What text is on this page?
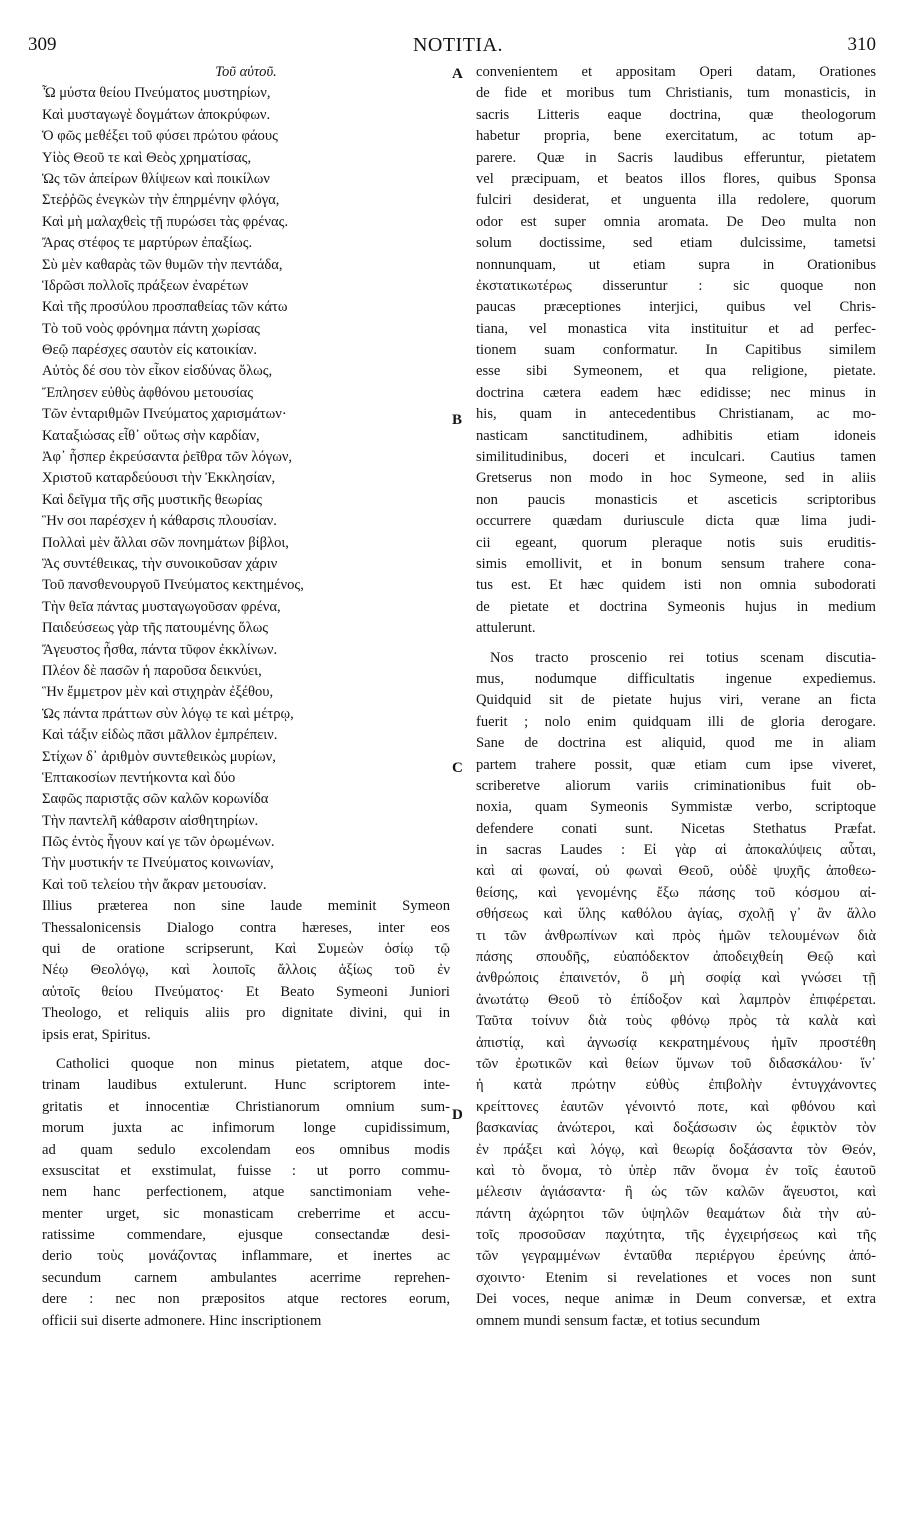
309	NOTITIA.	310
A
B
C
D
Τοῦ αὐτοῦ.
Ὦ μύστα θείου Πνεύματος μυστηρίων,
Καὶ μυσταγωγὲ δογμάτων ἀποκρύφων.
Ὁ φῶς μεθέξει τοῦ φύσει πρώτου φάους
Υἱὸς Θεοῦ τε καὶ Θεὸς χρηματίσας,
Ὡς τῶν ἀπείρων θλίψεων καὶ ποικίλων
Στεῤῥῶς ἐνεγκὼν τὴν ἐπηρμένην φλόγα,
Καὶ μὴ μαλαχθεὶς τῇ πυρώσει τὰς φρένας.
Ἄρας στέφος τε μαρτύρων ἐπαξίως.
Σὺ μὲν καθαρὰς τῶν θυμῶν τὴν πεντάδα,
Ἱδρῶσι πολλοῖς πράξεων ἐναρέτων
Καὶ τῆς προσύλου προσπαθείας τῶν κάτω
Τὸ τοῦ νοὸς φρόνημα πάντη χωρίσας
Θεῷ παρέσχες σαυτὸν εἰς κατοικίαν.
Αὐτὸς δέ σου τὸν εἶκον εἰσδύνας ὅλως,
Ἔπλησεν εὐθὺς ἀφθόνου μετουσίας
Τῶν ἐνταριθμῶν Πνεύματος χαρισμάτων·
Καταξιώσας εἶθ᾽ οὕτως σὴν καρδίαν,
Ἀφ᾽ ἧσπερ ἐκρεύσαντα ῥεῖθρα τῶν λόγων,
Χριστοῦ καταρδεύουσι τὴν Ἐκκλησίαν,
Καὶ δεῖγμα τῆς σῆς μυστικῆς θεωρίας
Ἣν σοι παρέσχεν ἡ κάθαρσις πλουσίαν.
Πολλαὶ μὲν ἄλλαι σῶν πονημάτων βίβλοι,
Ἃς συντέθεικας, τὴν συνοικοῦσαν χάριν
Τοῦ πανσθενουργοῦ Πνεύματος κεκτημένος,
Τὴν θεῖα πάντας μυσταγωγοῦσαν φρένα,
Παιδεύσεως γὰρ τῆς πατουμένης ὅλως
Ἄγευστος ἦσθα, πάντα τῦφον ἐκκλίνων.
Πλέον δὲ πασῶν ἡ παροῦσα δεικνύει,
Ἣν ἔμμετρον μὲν καὶ στιχηρὰν ἐξέθου,
Ὡς πάντα πράττων σὺν λόγῳ τε καὶ μέτρῳ,
Καὶ τάξιν εἰδὼς πᾶσι μᾶλλον ἐμπρέπειν.
Στίχων δ᾽ ἀριθμὸν συντεθεικὼς μυρίων,
Ἑπτακοσίων πεντήκοντα καὶ δύο
Σαφῶς παριστᾷς σῶν καλῶν κορωνίδα
Τὴν παντελῆ κάθαρσιν αἰσθητηρίων.
Πῶς ἐντὸς ἦγουν καί γε τῶν ὁρωμένων.
Τὴν μυστικήν τε Πνεύματος κοινωνίαν,
Καὶ τοῦ τελείου τὴν ἄκραν μετουσίαν.
Illius præterea non sine laude meminit Symeon
Thessalonicensis Dialogo contra hæreses, inter eos
qui de oratione scripserunt, Καὶ Συμεὼν ὁσίῳ τῷ
Νέῳ Θεολόγῳ, καὶ λοιποῖς ἄλλοις ἀξίως τοῦ ἐν
αὐτοῖς θείου Πνεύματος· Et Beato Symeoni Juniori
Theologo, et reliquis aliis pro dignitate divini, qui in
ipsis erat, Spiritus.
Catholici quoque non minus pietatem, atque doc-
trinam laudibus extulerunt. Hunc scriptorem inte-
gritatis et innocentiæ Christianorum omnium sum-
morum juxta ac infimorum longe cupidissimum,
ad quam sedulo excolendam eos omnibus modis
exsuscitat et exstimulat, fuisse : ut porro commu-
nem hanc perfectionem, atque sanctimoniam vehe-
menter urget, sic monasticam creberrime et accu-
ratissime commendare, ejusque consectandæ desi-
derio τοὺς μονάζοντας inflammare, et inertes ac
secundum carnem ambulantes acerrime reprehen-
dere : nec non præpositos atque rectores eorum,
officii sui diserte admonere. Hinc inscriptionem
convenientem et appositam Operi datam, Orationes
de fide et moribus tum Christianis, tum monasticis, in
sacris Litteris eaque doctrina, quæ theologorum
habetur propria, bene exercitatum, ac totum ap-
parere. Quæ in Sacris laudibus efferuntur, pietatem
vel præcipuam, et beatos illos flores, quibus Sponsa
fulciri desiderat, et unguenta illa redolere, quorum
odor est super omnia aromata. De Deo multa non
solum doctissime, sed etiam dulcissime, tametsi
nonnunquam, ut etiam supra in Orationibus
ἐκστατικωτέρως disseruntur : sic quoque non
paucas præceptiones interjici, quibus vel Chris-
tiana, vel monastica vita instituitur et ad perfec-
tionem suam conformatur. In Capitibus similem
esse sibi Symeonem, et qua religione, pietate.
doctrina cætera eadem hæc edidisse; nec minus in
his, quam in antecedentibus Christianam, ac mo-
nasticam sanctitudinem, adhibitis etiam idoneis
similitudinibus, doceri et inculcari. Cautius tamen
Gretserus non modo in hoc Symeone, sed in aliis
non paucis monasticis et asceticis scriptoribus
occurrere quædam duriuscule dicta quæ lima judi-
cii egeant, quorum pleraque notis suis eruditis-
simis emollivit, et in bonum sensum trahere cona-
tus est. Et hæc quidem isti non omnia subodorati
de pietate et doctrina Symeonis hujus in medium
attulerunt.
Nos tracto proscenio rei totius scenam discutia-
mus, nodumque difficultatis ingenue expediemus.
Quidquid sit de pietate hujus viri, verane an ficta
fuerit ; nolo enim quidquam illi de gloria derogare.
Sane de doctrina est aliquid, quod me in aliam
partem trahere possit, quæ etiam cum ipse viveret,
scriberetve aliorum variis criminationibus fuit ob-
noxia, quam Symeonis Symmistæ verbo, scriptoque
defendere conati sunt. Nicetas Stethatus Præfat.
in sacras Laudes : Εἰ γὰρ αἱ ἀποκαλύψεις αὗται,
καὶ αἱ φωναί, οὐ φωναὶ Θεοῦ, οὐδὲ ψυχῆς ἀποθεω-
θείσης, καὶ γενομένης ἔξω πάσης τοῦ κόσμου αἰ-
σθήσεως καὶ ὕλης καθόλου ἁγίας, σχολῇ γ᾽ ἂν ἄλλο
τι τῶν ἀνθρωπίνων καὶ πρὸς ἡμῶν τελουμένων διὰ
πάσης σπουδῆς, εὐαπόδεκτον ἀποδειχθείη Θεῷ καὶ
ἀνθρώποις ἐπαινετόν, ὃ μὴ σοφίᾳ καὶ γνώσει τῇ
ἀνωτάτῳ Θεοῦ τὸ ἐπίδοξον καὶ λαμπρὸν ἐπιφέρεται.
Ταῦτα τοίνυν διὰ τοὺς φθόνῳ πρὸς τὰ καλὰ καὶ
ἀπιστίᾳ, καὶ ἀγνωσίᾳ κεκρατημένους ἡμῖν προστέθη
τῶν ἐρωτικῶν καὶ θείων ὕμνων τοῦ διδασκάλου· ἵν᾽
ἡ κατὰ πρώτην εὐθὺς ἐπιβολὴν ἐντυγχάνοντες
κρείττονες ἑαυτῶν γένοιντό ποτε, καὶ φθόνου καὶ
βασκανίας ἀνώτεροι, καὶ δοξάσωσιν ὡς ἐφικτὸν τὸν
ἐν πράξει καὶ λόγῳ, καὶ θεωρίᾳ δοξάσαντα τὸν Θεόν,
καὶ τὸ ὄνομα, τὸ ὑπὲρ πᾶν ὄνομα ἐν τοῖς ἑαυτοῦ
μέλεσιν ἁγιάσαντα· ἢ ὡς τῶν καλῶν ἄγευστοι, καὶ
πάντη ἀχώρητοι τῶν ὑψηλῶν θεαμάτων διὰ τὴν αὐ-
τοῖς προσοῦσαν παχύτητα, τῆς ἐγχειρήσεως καὶ τῆς
τῶν γεγραμμένων ἐνταῦθα περιέργου ἐρεύνης ἀπό-
σχοιντο· Etenim si revelationes et voces non sunt
Dei voces, neque animæ in Deum conversæ, et extra
omnem mundi sensum factæ, et totius secundum
